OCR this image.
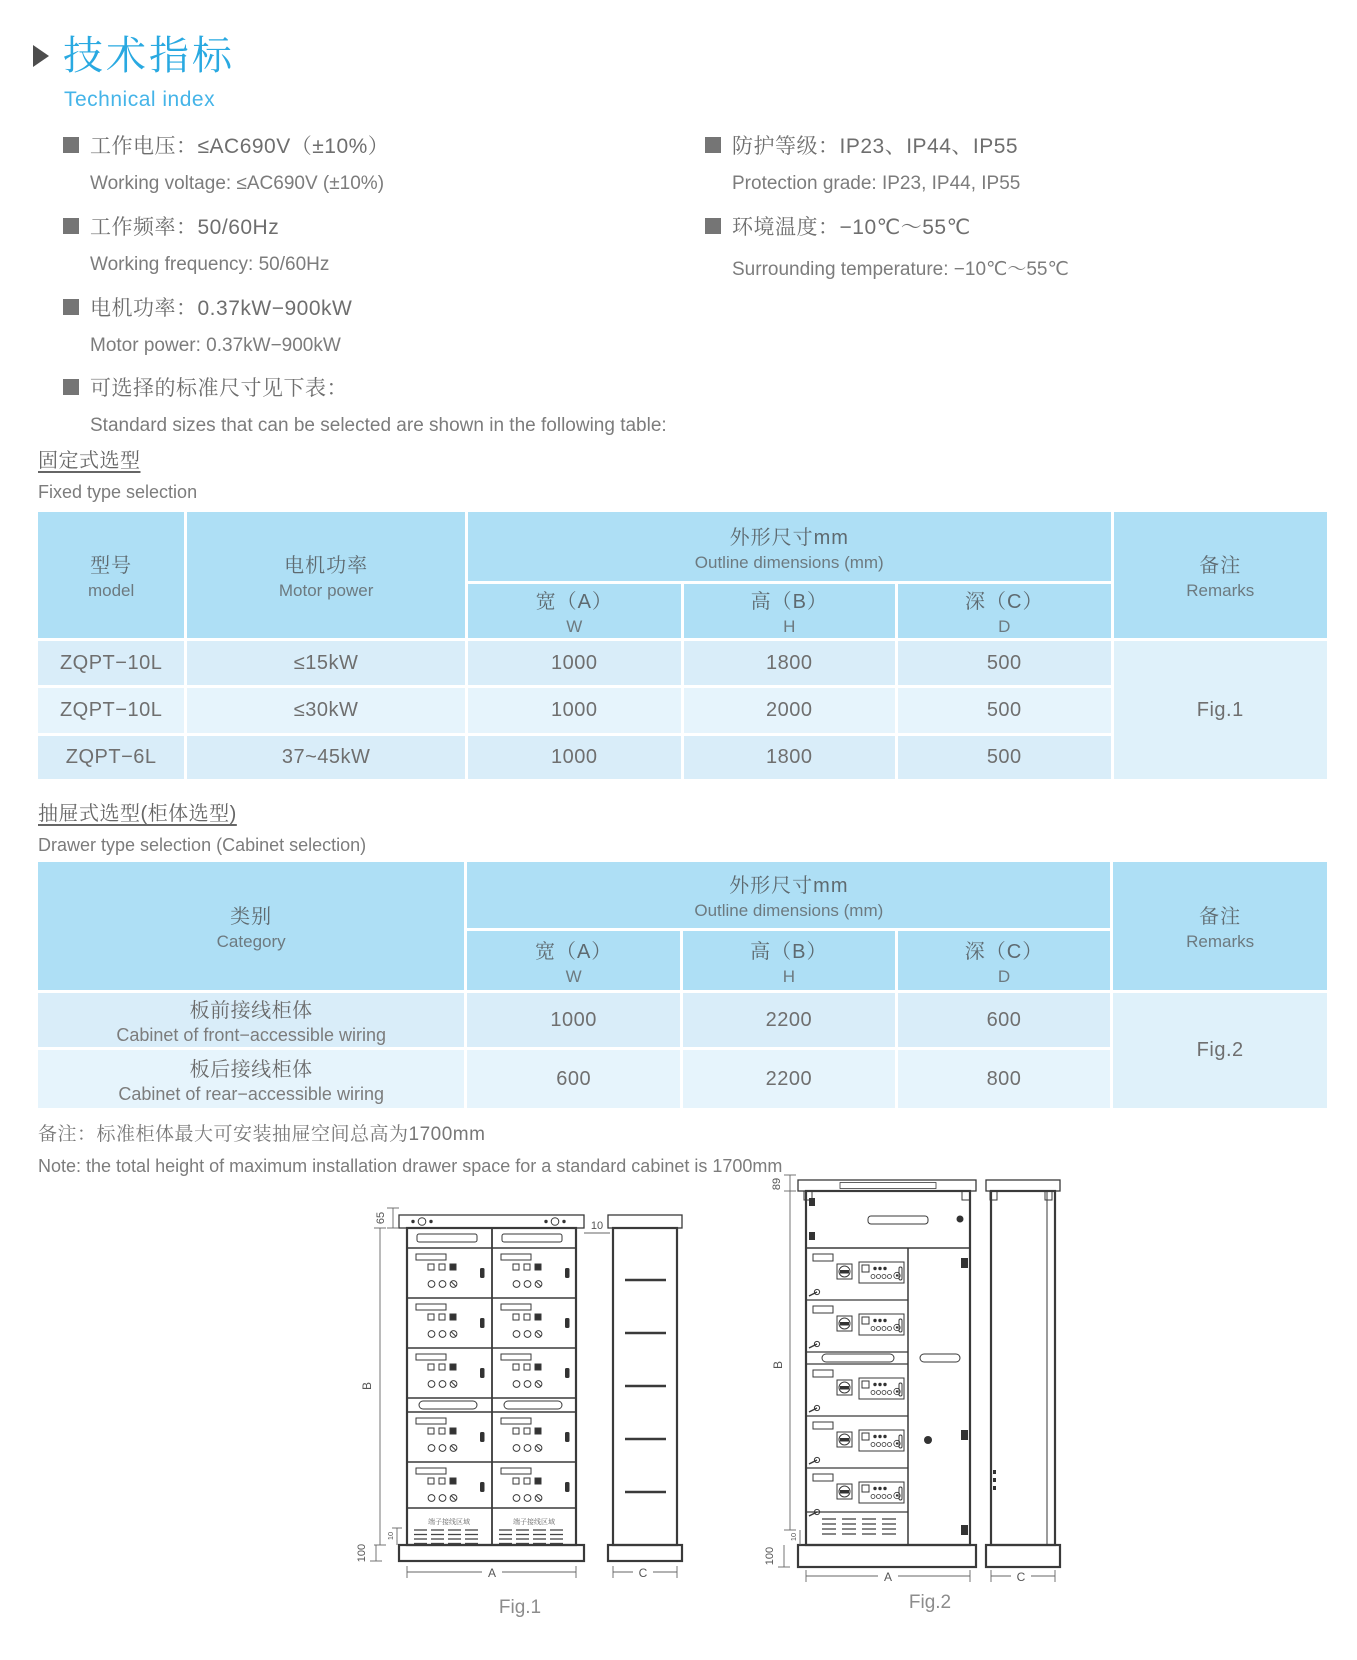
技术指标
Technical index
工作电压：≤AC690V（±10%）
Working voltage: ≤AC690V (±10%)
工作频率：50/60Hz
Working frequency: 50/60Hz
电机功率：0.37kW−900kW
Motor power: 0.37kW−900kW
防护等级：IP23、IP44、IP55
Protection grade: IP23, IP44, IP55
环境温度：−10℃～55℃
Surrounding temperature: −10℃～55℃
可选择的标准尺寸见下表：
Standard sizes that can be selected are shown in the following table:
固定式选型
Fixed type selection
型号
model
电机功率
Motor power
外形尺寸mm
Outline dimensions (mm)	备注
Remarks
宽（A）
W
高（B）
H
深（C）
D
ZQPT−10L	≤15kW	1000	1800	500
Fig.1
ZQPT−10L	≤30kW	1000	2000	500
ZQPT−6L	37~45kW	1000	1800	500
抽屉式选型(柜体选型)
Drawer type selection (Cabinet selection)
类别
Category
外形尺寸mm
Outline dimensions (mm)	备注
Remarks
宽（A）
W
高（B）
H
深（C）
D
板前接线柜体
Cabinet of front−accessible wiring
1000	2200	600
Fig.2
板后接线柜体
Cabinet of rear−accessible wiring
600	2200	800
备注：标准柜体最大可安装抽屉空间总高为1700mm
Note: the total height of maximum installation drawer space for a standard cabinet is 1700mm
端子接线区域	端子接线区域
65
10
B
10
100
A	C
Fig.1
89
B
10
100
A	C
Fig.2
